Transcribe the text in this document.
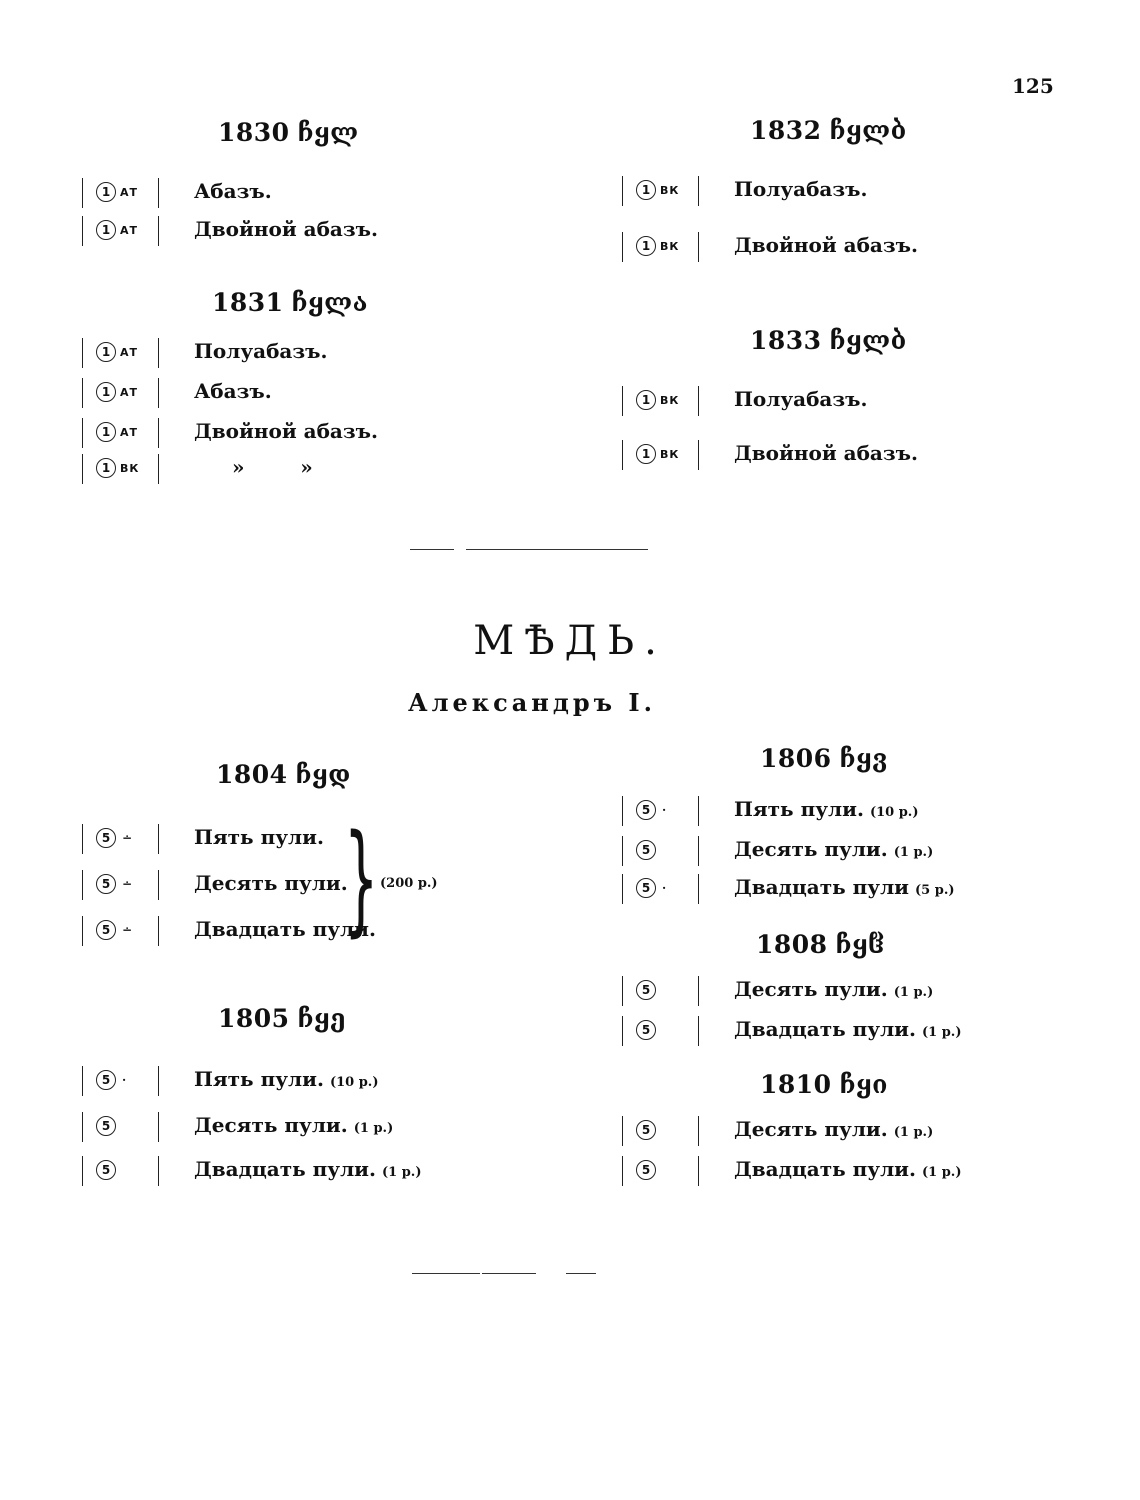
125
1830 ჩყლ
1 АТ	Абазъ.
1 АТ	Двойной абазъ.
1831 ჩყლა
1 АТ	Полуабазъ.
1 АТ	Абазъ.
1 АТ	Двойной абазъ.
1 ВК	»        »
1832 ჩყლბ
1 ВК	Полуабазъ.
1 ВК	Двойной абазъ.
1833 ჩყლბ
1 ВК	Полуабазъ.
1 ВК	Двойной абазъ.
МѢДЬ.
Александръ I.
1804 ჩყდ
5 ∸	Пять пули.
5 ∸	Десять пули.
5 ∸	Двадцать пули.
} (200 р.)
1805 ჩყე
5 ·	Пять пули. (10 р.)
5	Десять пули. (1 р.)
5	Двадцать пули. (1 р.)
1806 ჩყვ
5 ·	Пять пули. (10 р.)
5	Десять пули. (1 р.)
5 ·	Двадцать пули (5 р.)
1808 ჩყჱ
5	Десять пули. (1 р.)
5	Двадцать пули. (1 р.)
1810 ჩყი
5	Десять пули. (1 р.)
5	Двадцать пули. (1 р.)
